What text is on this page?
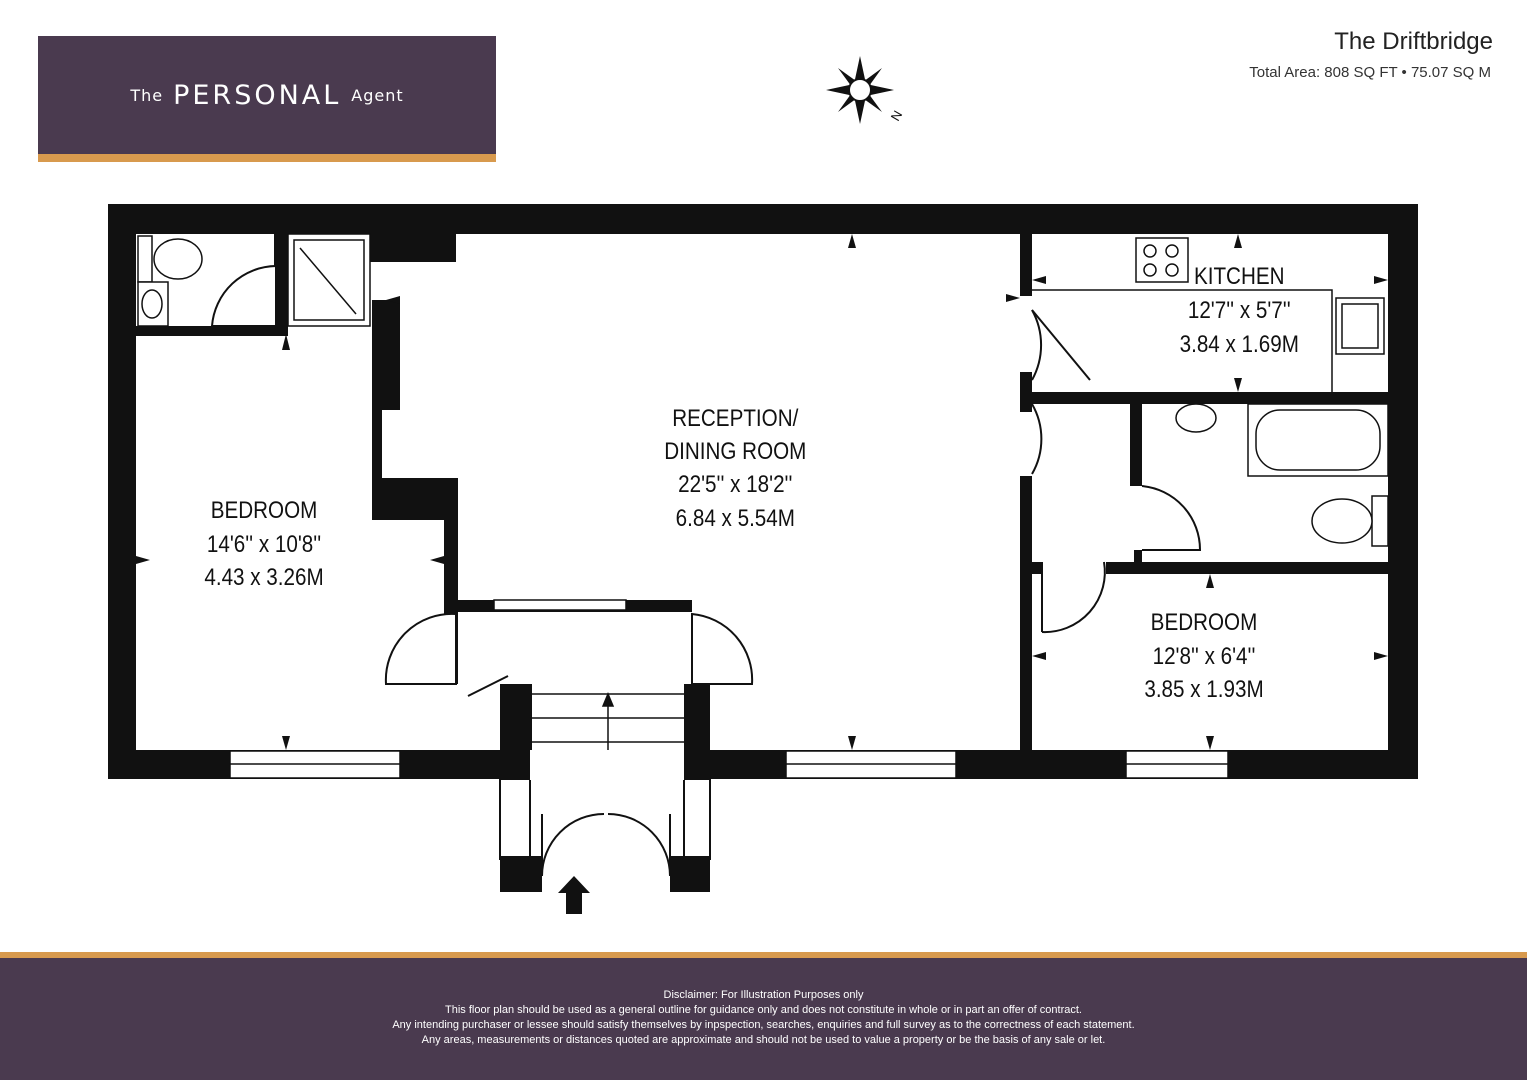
The PERSONAL Agent
The Driftbridge
Total Area: 808 SQ FT • 75.07 SQ M
N
BEDROOM
14'6'' x 10'8''
4.43 x 3.26M
RECEPTION/
DINING ROOM
22'5'' x 18'2''
6.84 x 5.54M
KITCHEN
12'7'' x 5'7''
3.84 x 1.69M
BEDROOM
12'8'' x 6'4''
3.85 x 1.93M
Disclaimer: For Illustration Purposes only
This floor plan should be used as a general outline for guidance only and does not constitute in whole or in part an offer of contract.
Any intending purchaser or lessee should satisfy themselves by inpspection, searches, enquiries and full survey as to the correctness of each statement.
Any areas, measurements or distances quoted are approximate and should not be used to value a property or be the basis of any sale or let.
